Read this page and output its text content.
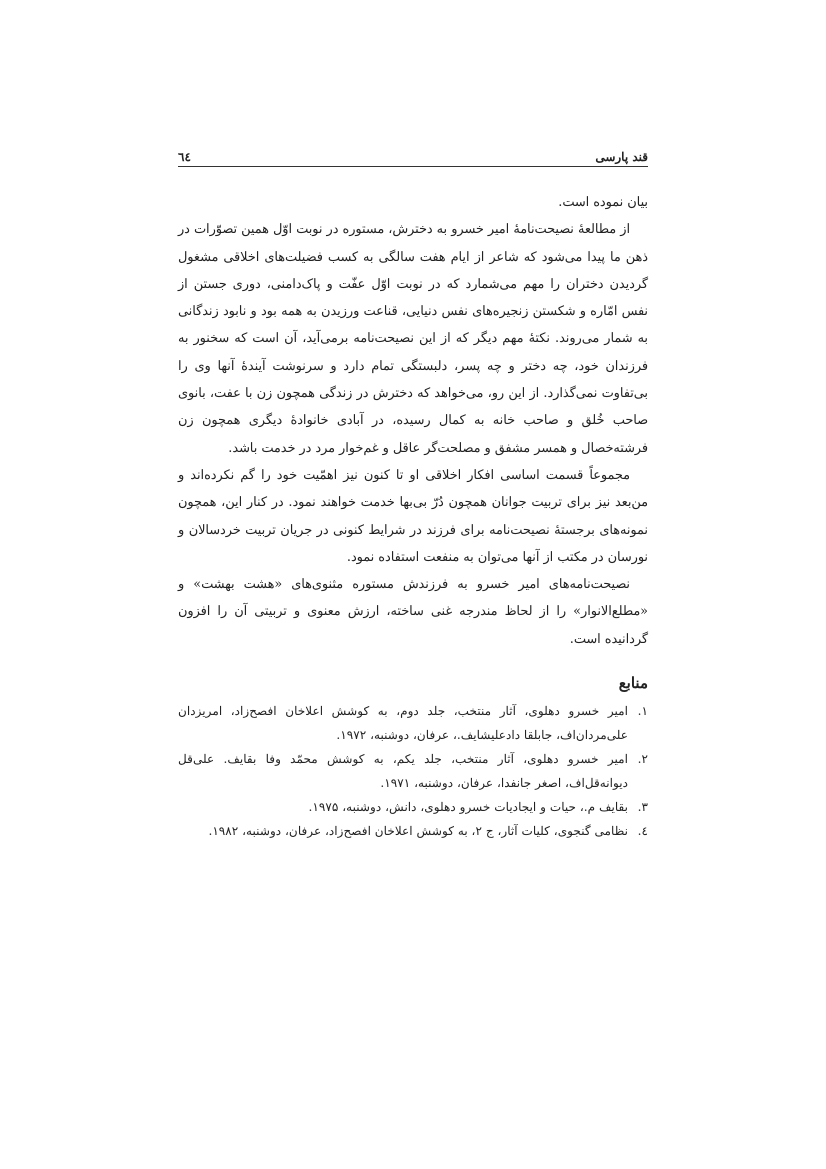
قند پارسی
٦٤

بیان نموده است.

از مطالعۀ نصیحت‌نامۀ امیر خسرو به دخترش، مستوره در نوبت اوّل همین تصوّرات در ذهن ما پیدا می‌شود که شاعر از ایام هفت سالگی به کسب فضیلت‌های اخلاقی مشغول گردیدن دختران را مهم می‌شمارد که در نوبت اوّل عفّت و پاک‌دامنی، دوری جستن از نفس امّاره و شکستن زنجیره‌های نفس دنیایی، قناعت ورزیدن به همه بود و نابود زندگانی به شمار می‌روند. نکتۀ مهم دیگر که از این نصیحت‌نامه برمی‌آید، آن است که سخنور به فرزندان خود، چه دختر و چه پسر، دلبستگی تمام دارد و سرنوشت آیندۀ آنها وی را بی‌تفاوت نمی‌گذارد. از این رو، می‌خواهد که دخترش در زندگی همچون زن با عفت، بانوی صاحب خُلق و صاحب خانه به کمال رسیده، در آبادی خانوادۀ دیگری همچون زن فرشته‌خصال و همسر مشفق و مصلحت‌گر عاقل و غم‌خوار مرد در خدمت باشد.

مجموعاً قسمت اساسی افکار اخلاقی او تا کنون نیز اهمّیت خود را گم نکرده‌اند و من‌بعد نیز برای تربیت جوانان همچون دُرّ بی‌بها خدمت خواهند نمود. در کنار این، همچون نمونه‌های برجستۀ نصیحت‌نامه برای فرزند در شرایط کنونی در جریان تربیت خردسالان و نورسان در مکتب از آنها می‌توان به منفعت استفاده نمود.

نصیحت‌نامه‌های امیر خسرو به فرزندش مستوره مثنوی‌های «هشت بهشت» و «مطلع‌الانوار» را از لحاظ مندرجه غنی ساخته، ارزش معنوی و تربیتی آن را افزون گردانیده است.

منابع
١.
امیر خسرو دهلوی، آثار منتخب، جلد دوم، به کوشش اعلاخان افصح‌زاد، امریزدان علی‌مردان‌اف، جابلقا دادعلیشایف.، عرفان، دوشنبه، ١٩٧٢.
٢.
امیر خسرو دهلوی، آثار منتخب، جلد یکم، به کوشش محمّد وفا بقایف. علی‌قل دیوانه‌قل‌اف، اصغر جانفدا، عرفان، دوشنبه، ١٩٧١.
٣.
بقایف م.، حیات و ایجادیات خسرو دهلوی، دانش، دوشنبه، ١٩٧۵.
٤.
نظامی گنجوی، کلیات آثار، ج ٢، به کوشش اعلاخان افصح‌زاد، عرفان، دوشنبه، ١٩٨٢.
